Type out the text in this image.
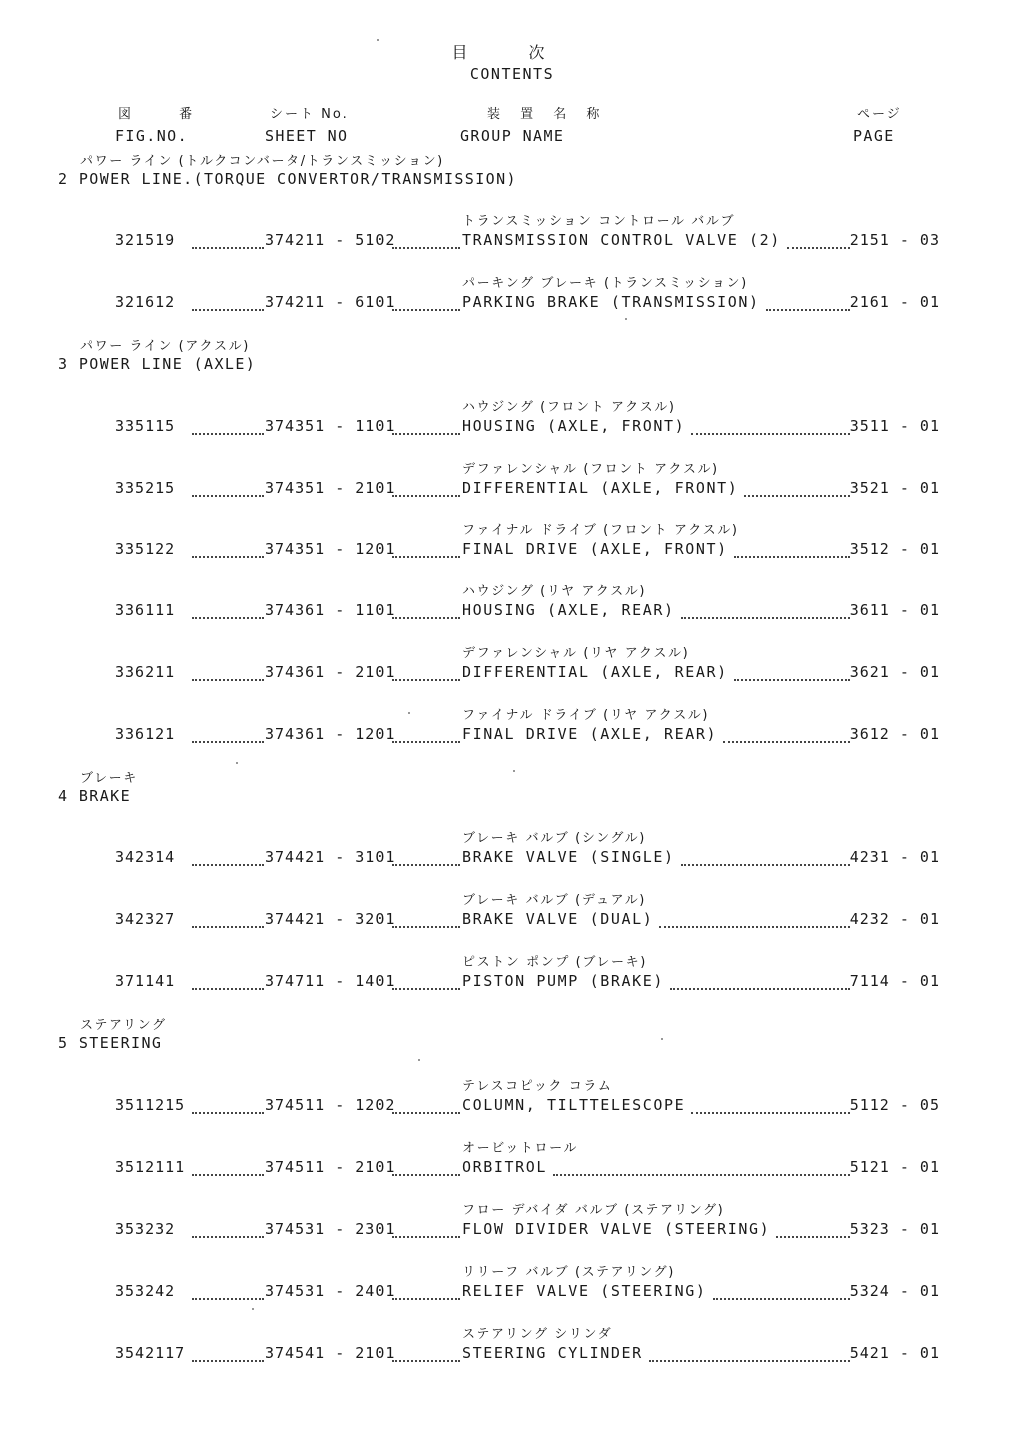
目 次
CONTENTS
図 番
FIG.NO.
シート No.
SHEET NO
装 置 名 称
GROUP NAME
ページ
PAGE
パワー ライン (トルクコンバータ/トランスミッション)
2 POWER LINE.(TORQUE CONVERTOR/TRANSMISSION)
トランスミッション コントロール バルブ
321519	374211 - 5102	TRANSMISSION CONTROL VALVE (2)	2151 - 03
パーキング ブレーキ (トランスミッション)
321612	374211 - 6101	PARKING BRAKE (TRANSMISSION)	2161 - 01
パワー ライン (アクスル)
3 POWER LINE (AXLE)
ハウジング (フロント アクスル)
335115	374351 - 1101	HOUSING (AXLE, FRONT)	3511 - 01
デファレンシャル (フロント アクスル)
335215	374351 - 2101	DIFFERENTIAL (AXLE, FRONT)	3521 - 01
ファイナル ドライブ (フロント アクスル)
335122	374351 - 1201	FINAL DRIVE (AXLE, FRONT)	3512 - 01
ハウジング (リヤ アクスル)
336111	374361 - 1101	HOUSING (AXLE, REAR)	3611 - 01
デファレンシャル (リヤ アクスル)
336211	374361 - 2101	DIFFERENTIAL (AXLE, REAR)	3621 - 01
ファイナル ドライブ (リヤ アクスル)
336121	374361 - 1201	FINAL DRIVE (AXLE, REAR)	3612 - 01
ブレーキ
4 BRAKE
ブレーキ バルブ (シングル)
342314	374421 - 3101	BRAKE VALVE (SINGLE)	4231 - 01
ブレーキ バルブ (デュアル)
342327	374421 - 3201	BRAKE VALVE (DUAL)	4232 - 01
ピストン ポンプ (ブレーキ)
371141	374711 - 1401	PISTON PUMP (BRAKE)	7114 - 01
ステアリング
5 STEERING
テレスコピック コラム
3511215	374511 - 1202	COLUMN, TILTTELESCOPE	5112 - 05
オービットロール
3512111	374511 - 2101	ORBITROL	5121 - 01
フロー デバイダ バルブ (ステアリング)
353232	374531 - 2301	FLOW DIVIDER VALVE (STEERING)	5323 - 01
リリーフ バルブ (ステアリング)
353242	374531 - 2401	RELIEF VALVE (STEERING)	5324 - 01
ステアリング シリンダ
3542117	374541 - 2101	STEERING CYLINDER	5421 - 01
